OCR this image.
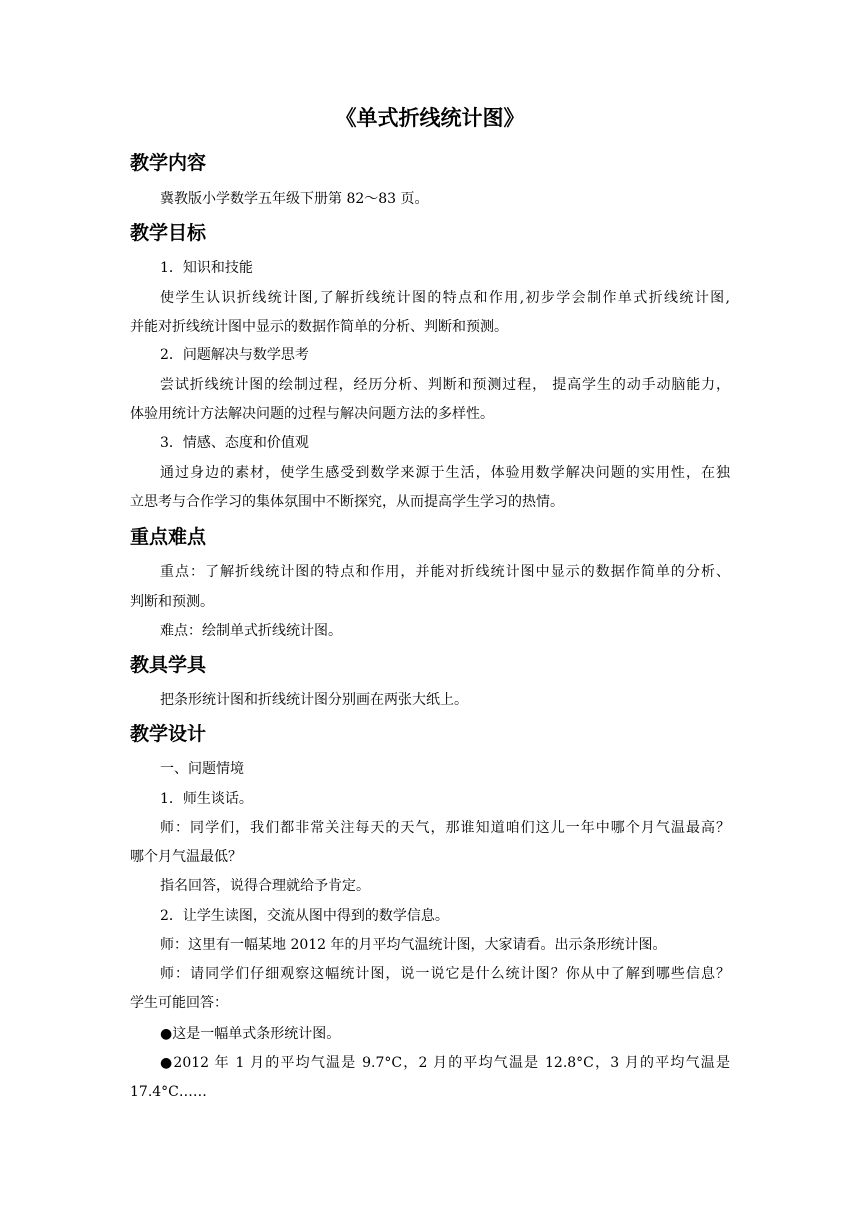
《单式折线统计图》
教学内容

冀教版小学数学五年级下册第 82～83 页。

教学目标

1．知识和技能

使学生认识折线统计图,了解折线统计图的特点和作用,初步学会制作单式折线统计图,

并能对折线统计图中显示的数据作简单的分析、判断和预测。

2．问题解决与数学思考

尝试折线统计图的绘制过程，经历分析、判断和预测过程， 提高学生的动手动脑能力，

体验用统计方法解决问题的过程与解决问题方法的多样性。

3．情感、态度和价值观

通过身边的素材，使学生感受到数学来源于生活，体验用数学解决问题的实用性，在独

立思考与合作学习的集体氛围中不断探究，从而提高学生学习的热情。

重点难点

重点：了解折线统计图的特点和作用，并能对折线统计图中显示的数据作简单的分析、

判断和预测。

难点：绘制单式折线统计图。

教具学具

把条形统计图和折线统计图分别画在两张大纸上。

教学设计

一、问题情境

1．师生谈话。

师：同学们，我们都非常关注每天的天气，那谁知道咱们这儿一年中哪个月气温最高？

哪个月气温最低？

指名回答，说得合理就给予肯定。

2．让学生读图，交流从图中得到的数学信息。

师：这里有一幅某地 2012 年的月平均气温统计图，大家请看。出示条形统计图。

师：请同学们仔细观察这幅统计图，说一说它是什么统计图？你从中了解到哪些信息？

学生可能回答：

●这是一幅单式条形统计图。

●2012 年 1 月的平均气温是 9.7°C，2 月的平均气温是 12.8°C，3 月的平均气温是

17.4°C……
